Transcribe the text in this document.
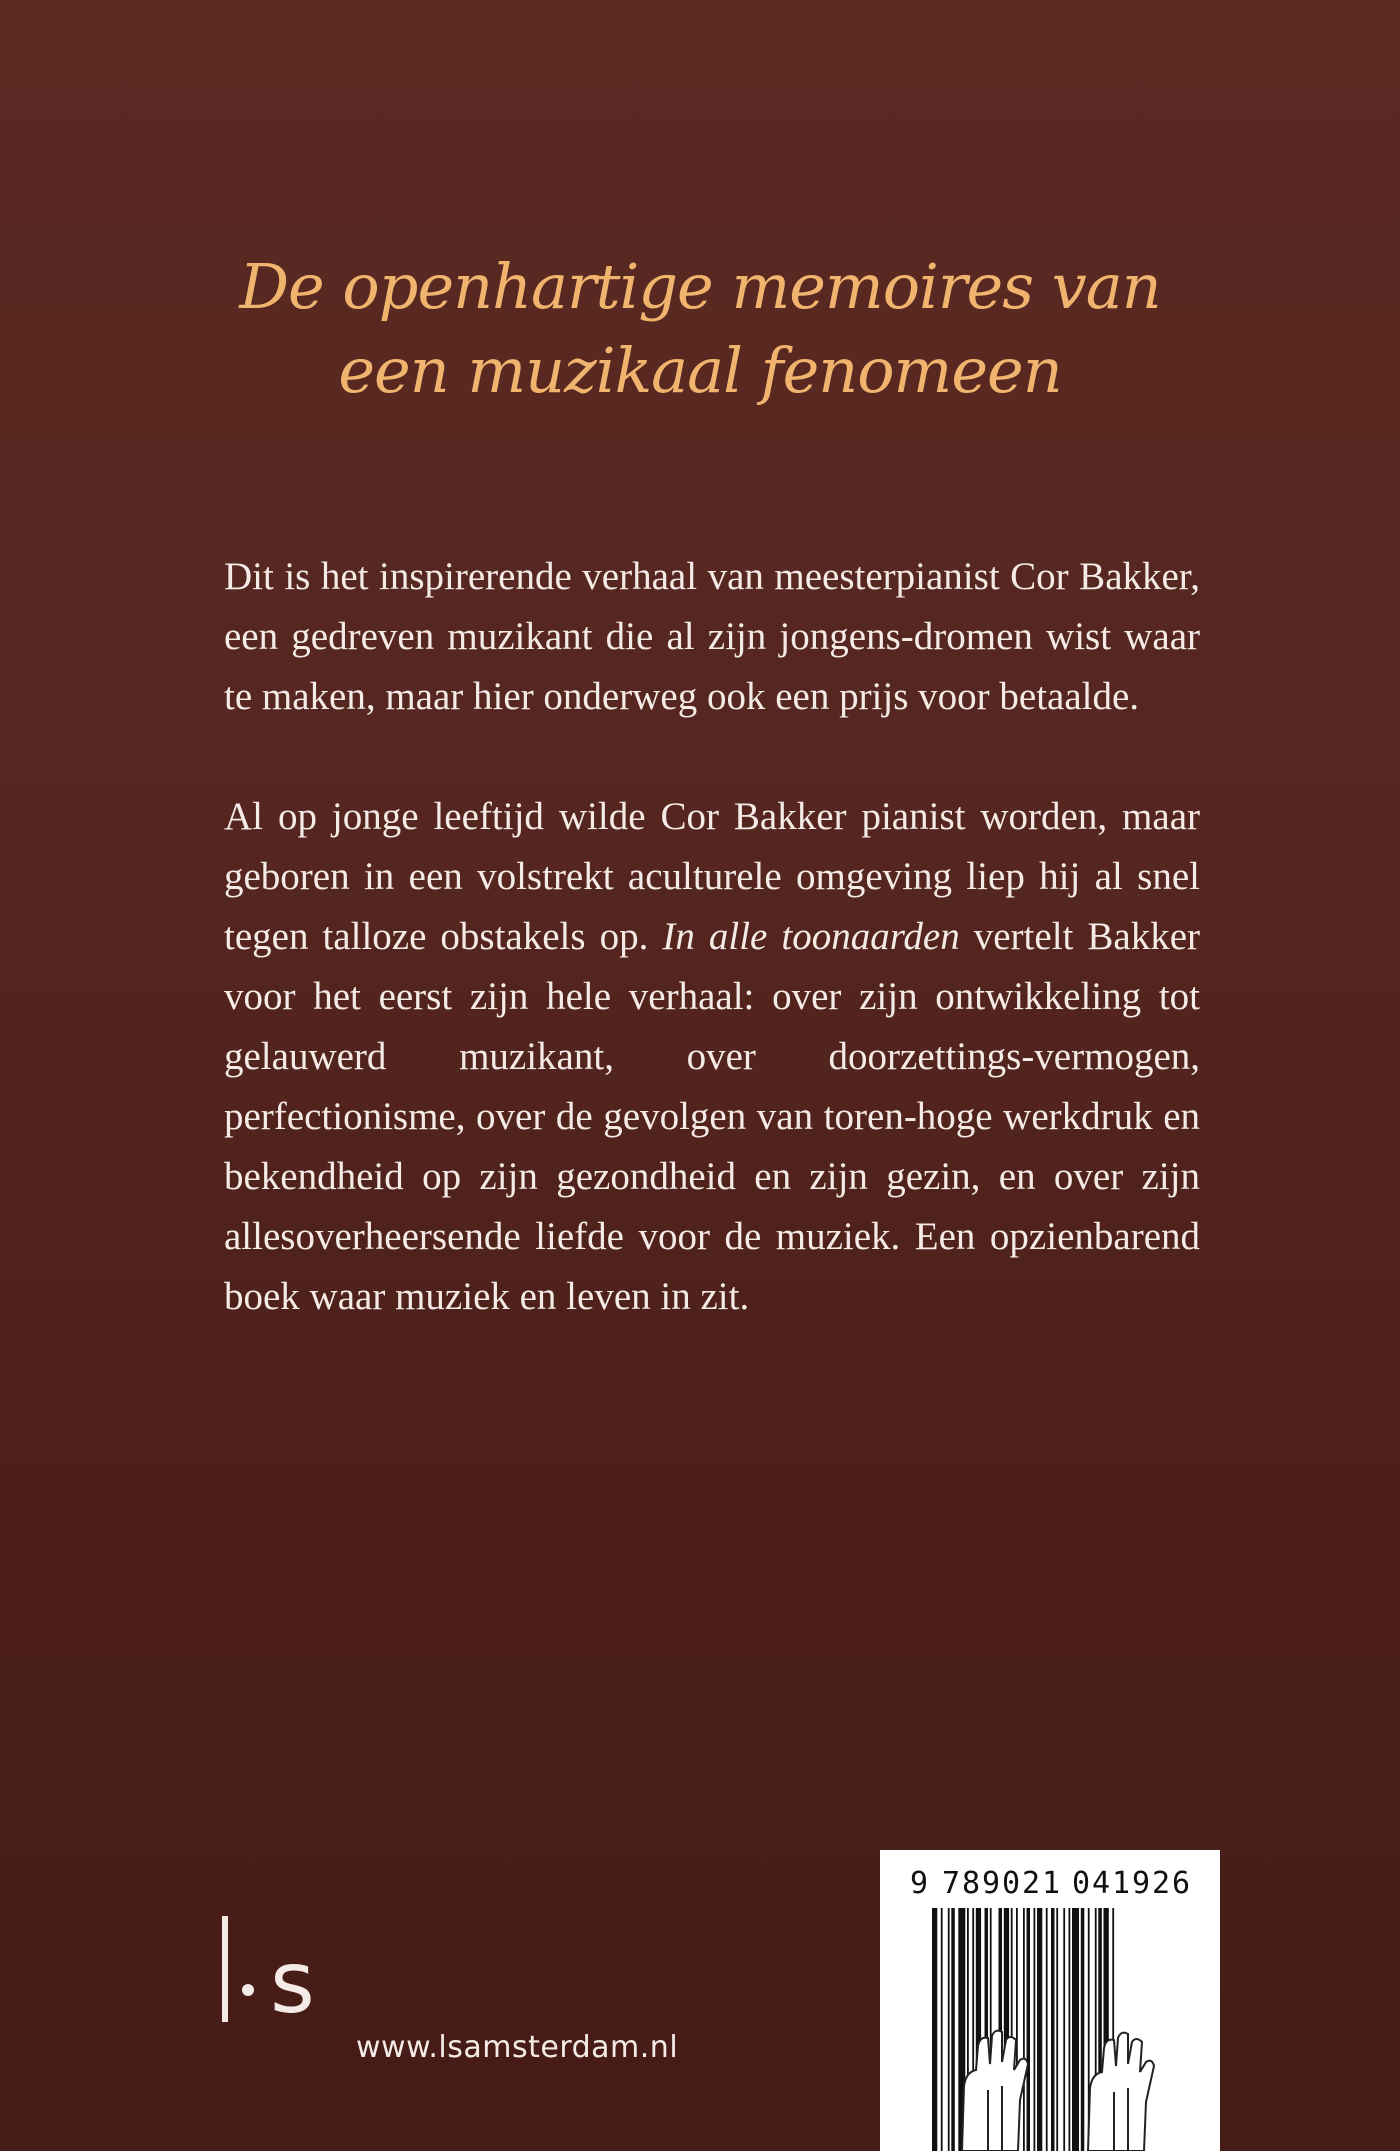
De openhartige memoires van
een muzikaal fenomeen

Dit is het inspirerende verhaal van meesterpianist Cor Bakker, een gedreven muzikant die al zijn jongens-dromen wist waar te maken, maar hier onderweg ook een prijs voor betaalde.

Al op jonge leeftijd wilde Cor Bakker pianist worden, maar geboren in een volstrekt aculturele omgeving liep hij al snel tegen talloze obstakels op. In alle toonaarden vertelt Bakker voor het eerst zijn hele verhaal: over zijn ontwikkeling tot gelauwerd muzikant, over doorzettings-vermogen, perfectionisme, over de gevolgen van toren-hoge werkdruk en bekendheid op zijn gezondheid en zijn gezin, en over zijn allesoverheersende liefde voor de muziek. Een opzienbarend boek waar muziek en leven in zit.

s
www.lsamsterdam.nl
9 789021 041926
